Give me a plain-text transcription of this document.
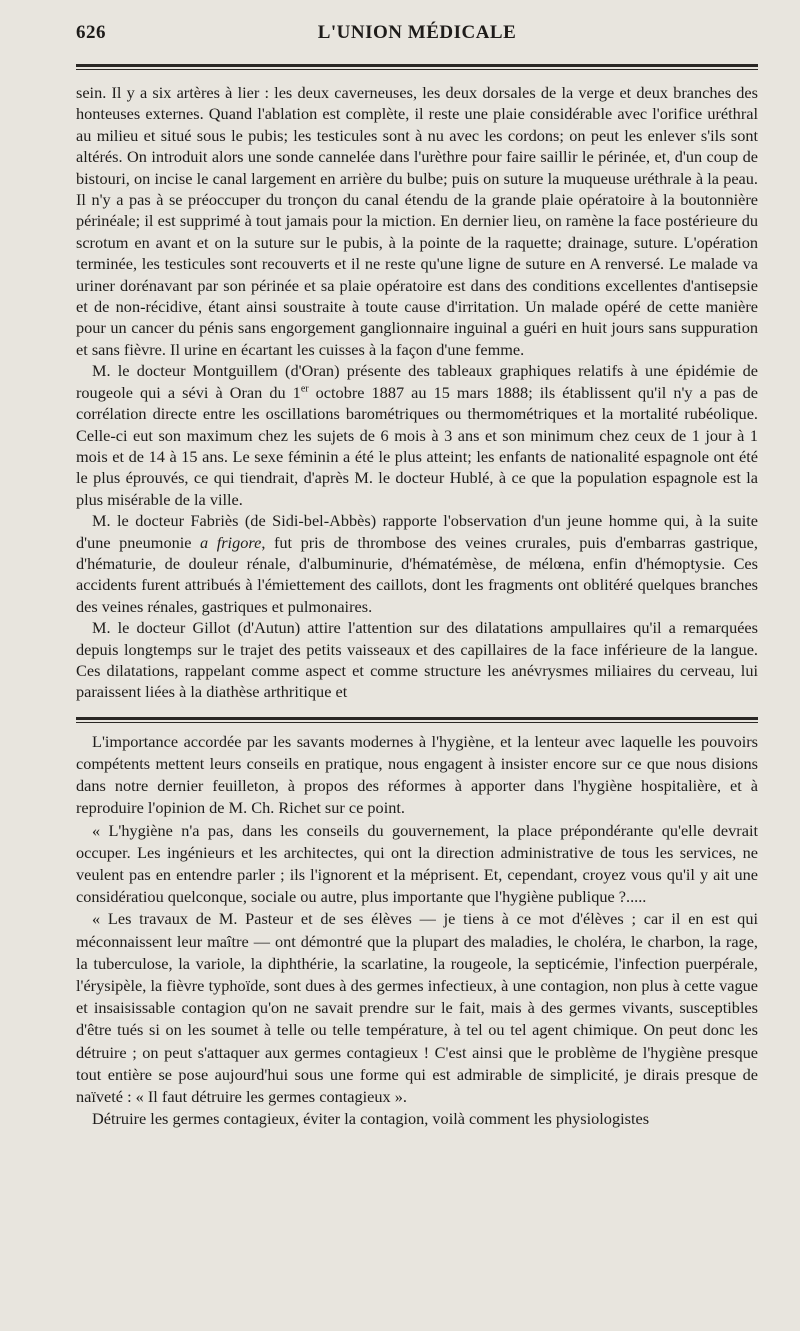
626	L'UNION MÉDICALE

sein. Il y a six artères à lier : les deux caverneuses, les deux dorsales de la verge et deux branches des honteuses externes. Quand l'ablation est complète, il reste une plaie considérable avec l'orifice uréthral au milieu et situé sous le pubis; les testicules sont à nu avec les cordons; on peut les enlever s'ils sont altérés. On introduit alors une sonde cannelée dans l'urèthre pour faire saillir le périnée, et, d'un coup de bistouri, on incise le canal largement en arrière du bulbe; puis on suture la muqueuse uréthrale à la peau. Il n'y a pas à se préoccuper du tronçon du canal étendu de la grande plaie opératoire à la boutonnière périnéale; il est supprimé à tout jamais pour la miction. En dernier lieu, on ramène la face postérieure du scrotum en avant et on la suture sur le pubis, à la pointe de la raquette; drainage, suture. L'opération terminée, les testicules sont recouverts et il ne reste qu'une ligne de suture en A renversé. Le malade va uriner dorénavant par son périnée et sa plaie opératoire est dans des conditions excellentes d'antisepsie et de non-récidive, étant ainsi soustraite à toute cause d'irritation. Un malade opéré de cette manière pour un cancer du pénis sans engorgement ganglionnaire inguinal a guéri en huit jours sans suppuration et sans fièvre. Il urine en écartant les cuisses à la façon d'une femme.

M. le docteur Montguillem (d'Oran) présente des tableaux graphiques relatifs à une épidémie de rougeole qui a sévi à Oran du 1er octobre 1887 au 15 mars 1888; ils établissent qu'il n'y a pas de corrélation directe entre les oscillations barométriques ou thermométriques et la mortalité rubéolique. Celle-ci eut son maximum chez les sujets de 6 mois à 3 ans et son minimum chez ceux de 1 jour à 1 mois et de 14 à 15 ans. Le sexe féminin a été le plus atteint; les enfants de nationalité espagnole ont été le plus éprouvés, ce qui tiendrait, d'après M. le docteur Hublé, à ce que la population espagnole est la plus misérable de la ville.

M. le docteur Fabriès (de Sidi-bel-Abbès) rapporte l'observation d'un jeune homme qui, à la suite d'une pneumonie a frigore, fut pris de thrombose des veines crurales, puis d'embarras gastrique, d'hématurie, de douleur rénale, d'albuminurie, d'hématémèse, de mélœna, enfin d'hémoptysie. Ces accidents furent attribués à l'émiettement des caillots, dont les fragments ont oblitéré quelques branches des veines rénales, gastriques et pulmonaires.

M. le docteur Gillot (d'Autun) attire l'attention sur des dilatations ampullaires qu'il a remarquées depuis longtemps sur le trajet des petits vaisseaux et des capillaires de la face inférieure de la langue. Ces dilatations, rappelant comme aspect et comme structure les anévrysmes miliaires du cerveau, lui paraissent liées à la diathèse arthritique et

L'importance accordée par les savants modernes à l'hygiène, et la lenteur avec laquelle les pouvoirs compétents mettent leurs conseils en pratique, nous engagent à insister encore sur ce que nous disions dans notre dernier feuilleton, à propos des réformes à apporter dans l'hygiène hospitalière, et à reproduire l'opinion de M. Ch. Richet sur ce point.

« L'hygiène n'a pas, dans les conseils du gouvernement, la place prépondérante qu'elle devrait occuper. Les ingénieurs et les architectes, qui ont la direction administrative de tous les services, ne veulent pas en entendre parler ; ils l'ignorent et la méprisent. Et, cependant, croyez vous qu'il y ait une considératiou quelconque, sociale ou autre, plus importante que l'hygiène publique ?.....

« Les travaux de M. Pasteur et de ses élèves — je tiens à ce mot d'élèves ; car il en est qui méconnaissent leur maître — ont démontré que la plupart des maladies, le choléra, le charbon, la rage, la tuberculose, la variole, la diphthérie, la scarlatine, la rougeole, la septicémie, l'infection puerpérale, l'érysipèle, la fièvre typhoïde, sont dues à des germes infectieux, à une contagion, non plus à cette vague et insaisissable contagion qu'on ne savait prendre sur le fait, mais à des germes vivants, susceptibles d'être tués si on les soumet à telle ou telle température, à tel ou tel agent chimique. On peut donc les détruire ; on peut s'attaquer aux germes contagieux ! C'est ainsi que le problème de l'hygiène presque tout entière se pose aujourd'hui sous une forme qui est admirable de simplicité, je dirais presque de naïveté : « Il faut détruire les germes contagieux ».

Détruire les germes contagieux, éviter la contagion, voilà comment les physiologistes
